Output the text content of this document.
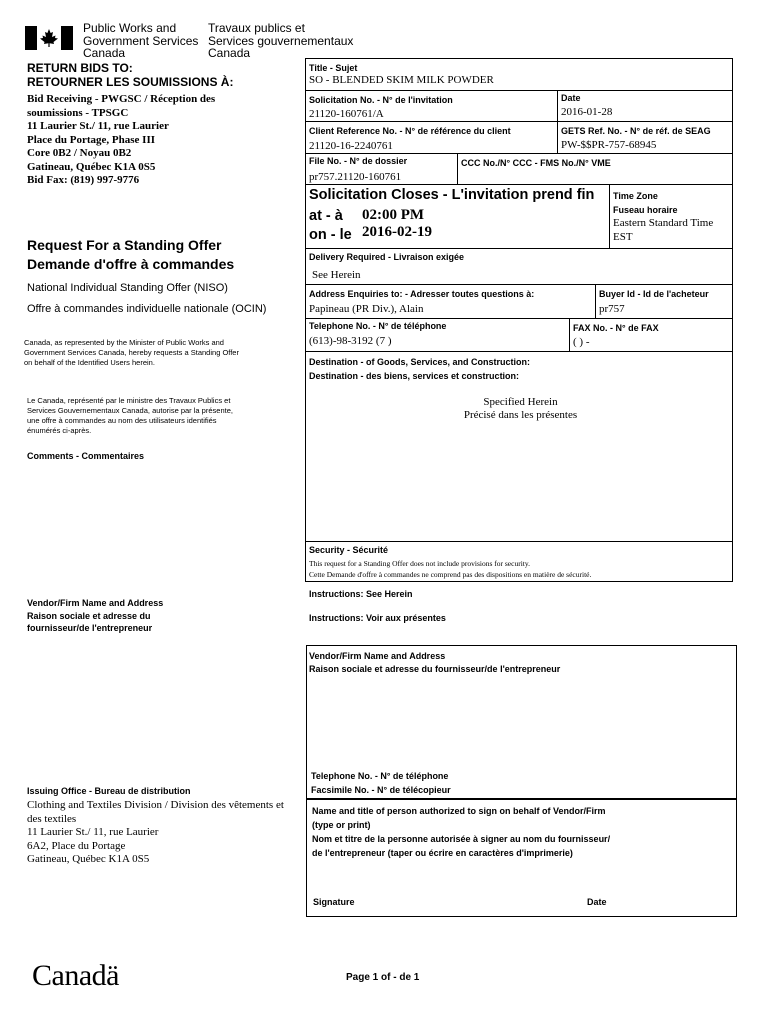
Public Works and
Government Services
Canada
Travaux publics et
Services gouvernementaux
Canada
RETURN BIDS TO:
RETOURNER LES SOUMISSIONS À:
Bid Receiving - PWGSC / Réception des
soumissions - TPSGC
11 Laurier St./ 11, rue Laurier
Place du Portage, Phase III
Core 0B2 / Noyau 0B2
Gatineau, Québec K1A 0S5
Bid Fax: (819) 997-9776
Request For a Standing Offer
Demande d'offre à commandes
National Individual Standing Offer (NISO)
Offre à commandes individuelle nationale (OCIN)
Canada, as represented by the Minister of Public Works and
Government Services Canada, hereby requests a Standing Offer
on behalf of the Identified Users herein.
Le Canada, représenté par le ministre des Travaux Publics et
Services Gouvernementaux Canada, autorise par la présente,
une offre à commandes au nom des utilisateurs identifiés
énumérés ci-après.
Comments - Commentaires
Vendor/Firm Name and Address
Raison sociale et adresse du
fournisseur/de l'entrepreneur
Issuing Office - Bureau de distribution
Clothing and Textiles Division / Division des vêtements et
des textiles
11 Laurier St./ 11, rue Laurier
6A2, Place du Portage
Gatineau, Québec K1A 0S5
Title - Sujet
SO - BLENDED SKIM MILK POWDER
Solicitation No. - N° de l'invitation
21120-160761/A
Date
2016-01-28
Client Reference No. - N° de référence du client
21120-16-2240761
GETS Ref. No. - N° de réf. de SEAG
PW-$$PR-757-68945
File No. - N° de dossier
pr757.21120-160761
CCC No./N° CCC - FMS No./N° VME
Solicitation Closes - L'invitation prend fin
at - à 02:00 PM
on - le 2016-02-19
Time Zone
Fuseau horaire
Eastern Standard Time
EST
Delivery Required - Livraison exigée
See Herein
Address Enquiries to: - Adresser toutes questions à:
Papineau (PR Div.), Alain
Buyer Id - Id de l'acheteur
pr757
Telephone No. - N° de téléphone
(613)-98-3192 (7 )
FAX No. - N° de FAX
( ) -
Destination - of Goods, Services, and Construction:
Destination - des biens, services et construction:
Specified Herein
Précisé dans les présentes
Security - Sécurité
This request for a Standing Offer does not include provisions for security.
Cette Demande d'offre à commandes ne comprend pas des dispositions en matière de sécurité.
Instructions: See Herein
Instructions: Voir aux présentes
Vendor/Firm Name and Address
Raison sociale et adresse du fournisseur/de l'entrepreneur
Telephone No. - N° de téléphone
Facsimile No. - N° de télécopieur
Name and title of person authorized to sign on behalf of Vendor/Firm
(type or print)
Nom et titre de la personne autorisée à signer au nom du fournisseur/
de l'entrepreneur (taper ou écrire en caractères d'imprimerie)
Signature	Date
Canadä	Page 1 of - de 1
